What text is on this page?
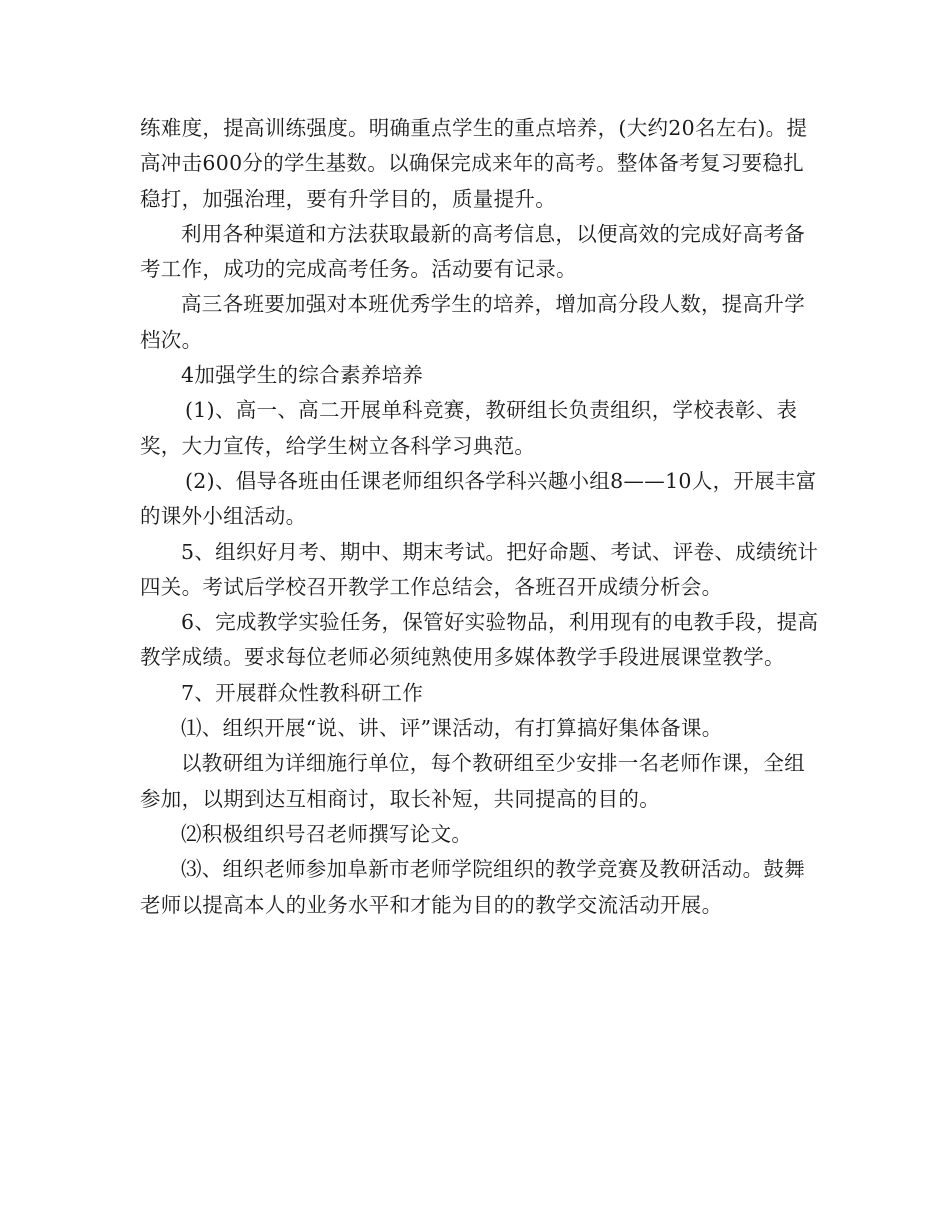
练难度，提高训练强度。明确重点学生的重点培养，(大约20名左右)。提高冲击600分的学生基数。以确保完成来年的高考。整体备考复习要稳扎稳打，加强治理，要有升学目的，质量提升。

利用各种渠道和方法获取最新的高考信息，以便高效的完成好高考备考工作，成功的完成高考任务。活动要有记录。

高三各班要加强对本班优秀学生的培养，增加高分段人数，提高升学档次。

4加强学生的综合素养培养

(1)、高一、高二开展单科竞赛，教研组长负责组织，学校表彰、表奖，大力宣传，给学生树立各科学习典范。

(2)、倡导各班由任课老师组织各学科兴趣小组8——10人，开展丰富的课外小组活动。

5、组织好月考、期中、期末考试。把好命题、考试、评卷、成绩统计四关。考试后学校召开教学工作总结会，各班召开成绩分析会。

6、完成教学实验任务，保管好实验物品，利用现有的电教手段，提高教学成绩。要求每位老师必须纯熟使用多媒体教学手段进展课堂教学。

7、开展群众性教科研工作

⑴、组织开展“说、讲、评”课活动，有打算搞好集体备课。

以教研组为详细施行单位，每个教研组至少安排一名老师作课，全组参加，以期到达互相商讨，取长补短，共同提高的目的。

⑵积极组织号召老师撰写论文。

⑶、组织老师参加阜新市老师学院组织的教学竞赛及教研活动。鼓舞老师以提高本人的业务水平和才能为目的的教学交流活动开展。
